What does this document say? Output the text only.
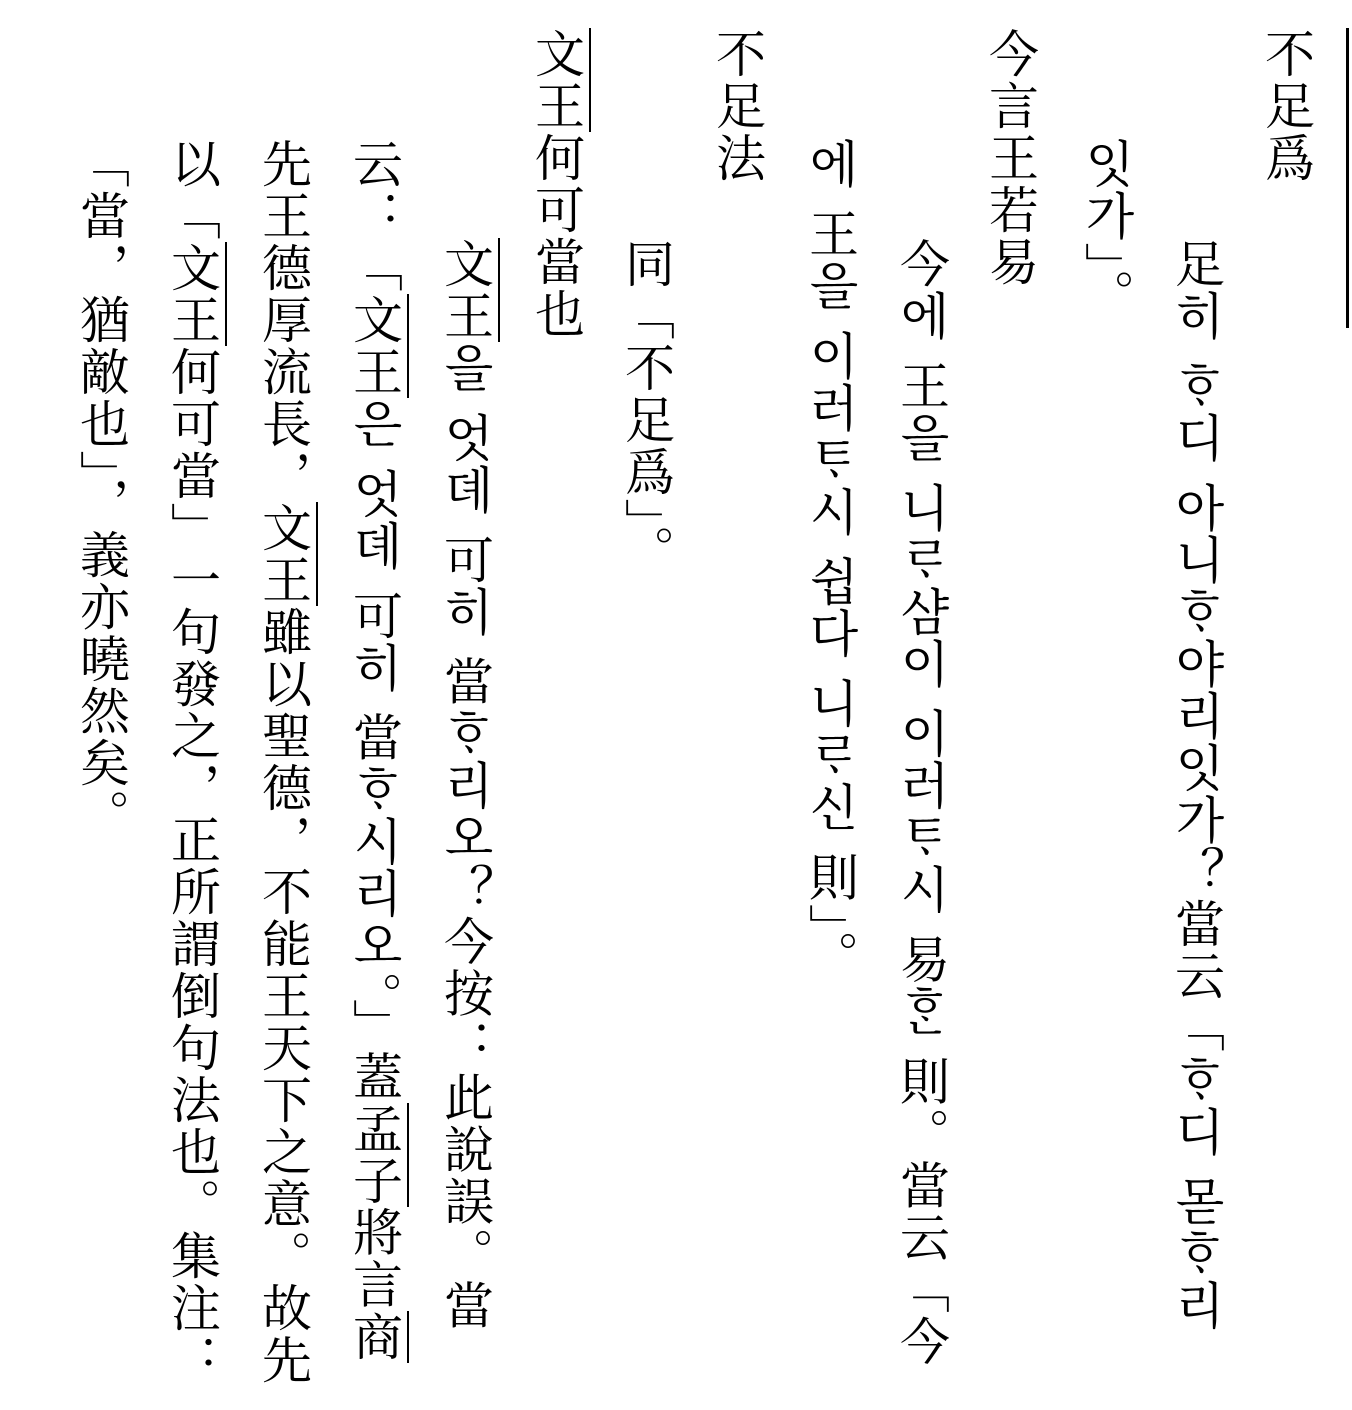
不足爲
足히 ᄒᆞ디 아니ᄒᆞ야리잇가？當云「ᄒᆞ디 몯ᄒᆞ리
잇가」。
今言王若易
今에 王을 니ᄅᆞ샴이 이러ᄐᆞ시 易ᄒᆞᆫ 則。當云「今
에 王을 이러ᄐᆞ시 쉽다 니ᄅᆞ신 則」。
不足法
同「不足爲」。
文王何可當也
文王을 엇뎨 可히 當ᄒᆞ리오？今按：此說誤。當
云：「文王은 엇뎨 可히 當ᄒᆞ시리오。」蓋孟子將言商
先王德厚流長，文王雖以聖德，不能王天下之意。故先
以「文王何可當」一句發之，正所謂倒句法也。集注：
「當，猶敵也」，義亦曉然矣。
